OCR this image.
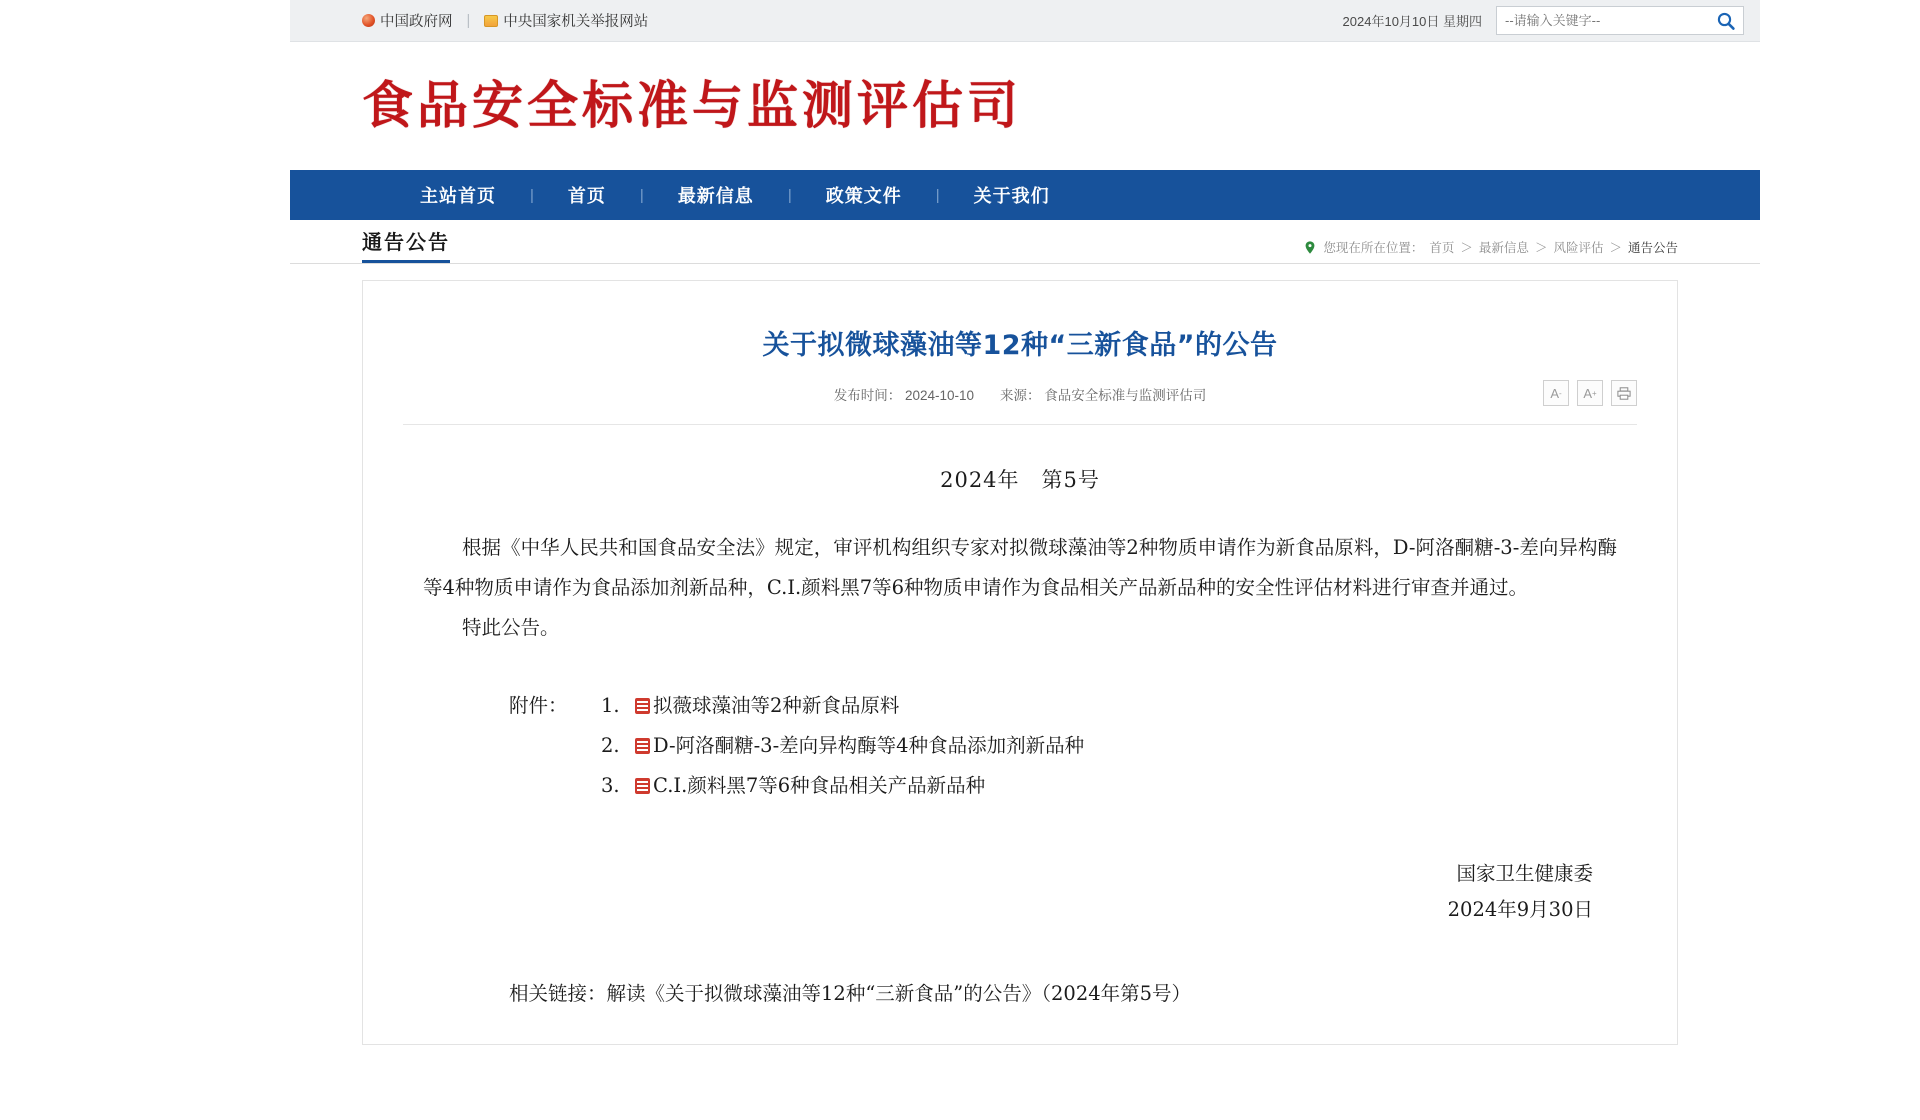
中国政府网 | 中央国家机关举报网站	2024年10月10日 星期四
--请输入关键字--
食品安全标准与监测评估司
主站首页	|	首页	|	最新信息	|	政策文件	|	关于我们
通告公告	您现在所在位置： 首页 ＞ 最新信息 ＞ 风险评估 ＞ 通告公告
关于拟微球藻油等12种“三新食品”的公告
发布时间： 2024-10-10 来源： 食品安全标准与监测评估司	A - A +
2024年　第5号
根据《中华人民共和国食品安全法》规定，审评机构组织专家对拟微球藻油等2种物质申请作为新食品原料，D-阿洛酮糖-3-差向异构酶等4种物质申请作为食品添加剂新品种，C.I.颜料黑7等6种物质申请作为食品相关产品新品种的安全性评估材料进行审查并通过。
特此公告。
附件：	1.	拟薇球藻油等2种新食品原料
2.	D-阿洛酮糖-3-差向异构酶等4种食品添加剂新品种
3.	C.I.颜料黑7等6种食品相关产品新品种
国家卫生健康委
2024年9月30日
相关链接：解读《关于拟微球藻油等12种“三新食品”的公告》（2024年第5号）
